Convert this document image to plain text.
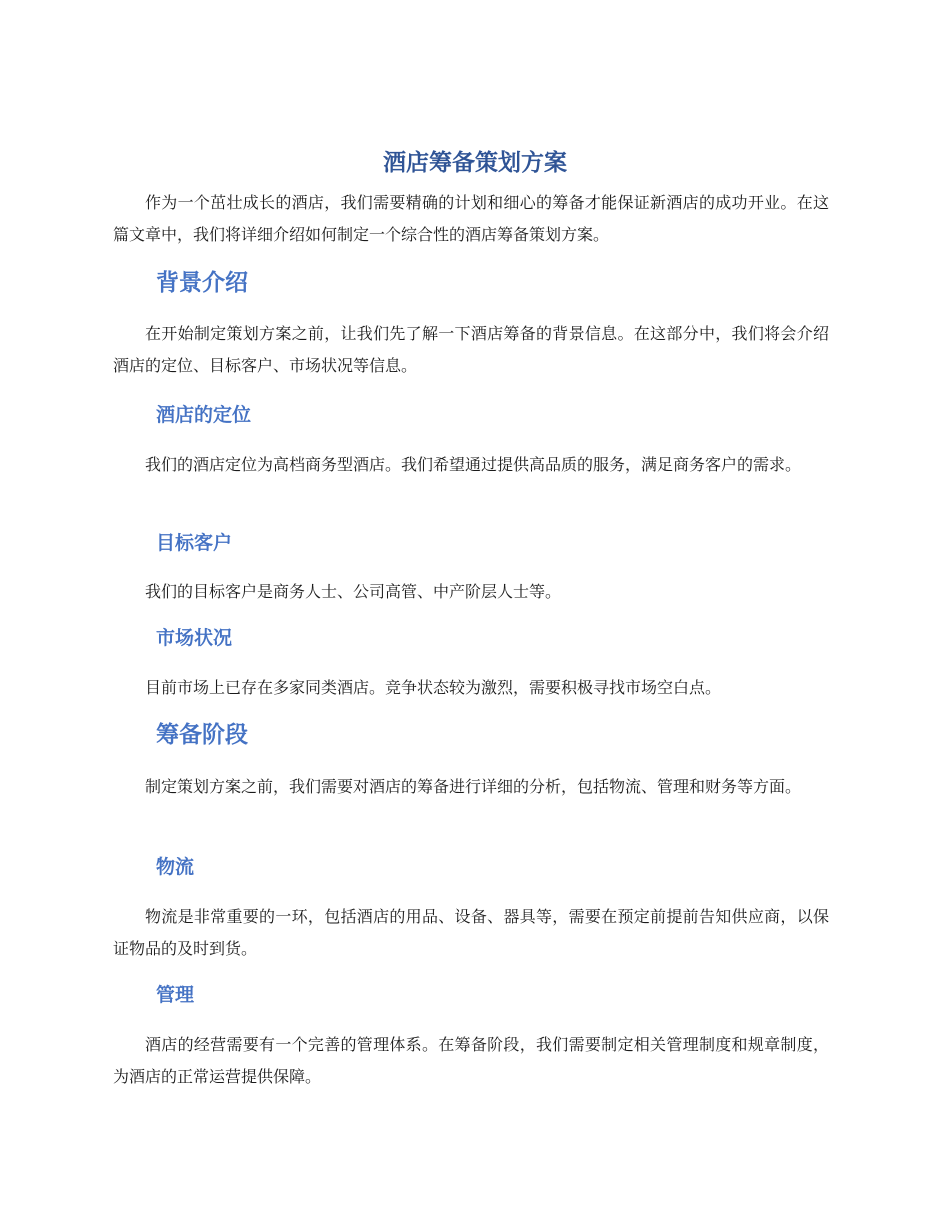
酒店筹备策划方案

作为一个茁壮成长的酒店，我们需要精确的计划和细心的筹备才能保证新酒店的成功开业。在这篇文章中，我们将详细介绍如何制定一个综合性的酒店筹备策划方案。

背景介绍

在开始制定策划方案之前，让我们先了解一下酒店筹备的背景信息。在这部分中，我们将会介绍酒店的定位、目标客户、市场状况等信息。

酒店的定位

我们的酒店定位为高档商务型酒店。我们希望通过提供高品质的服务，满足商务客户的需求。

目标客户

我们的目标客户是商务人士、公司高管、中产阶层人士等。

市场状况

目前市场上已存在多家同类酒店。竞争状态较为激烈，需要积极寻找市场空白点。

筹备阶段

制定策划方案之前，我们需要对酒店的筹备进行详细的分析，包括物流、管理和财务等方面。

物流

物流是非常重要的一环，包括酒店的用品、设备、器具等，需要在预定前提前告知供应商，以保证物品的及时到货。

管理

酒店的经营需要有一个完善的管理体系。在筹备阶段，我们需要制定相关管理制度和规章制度，为酒店的正常运营提供保障。
